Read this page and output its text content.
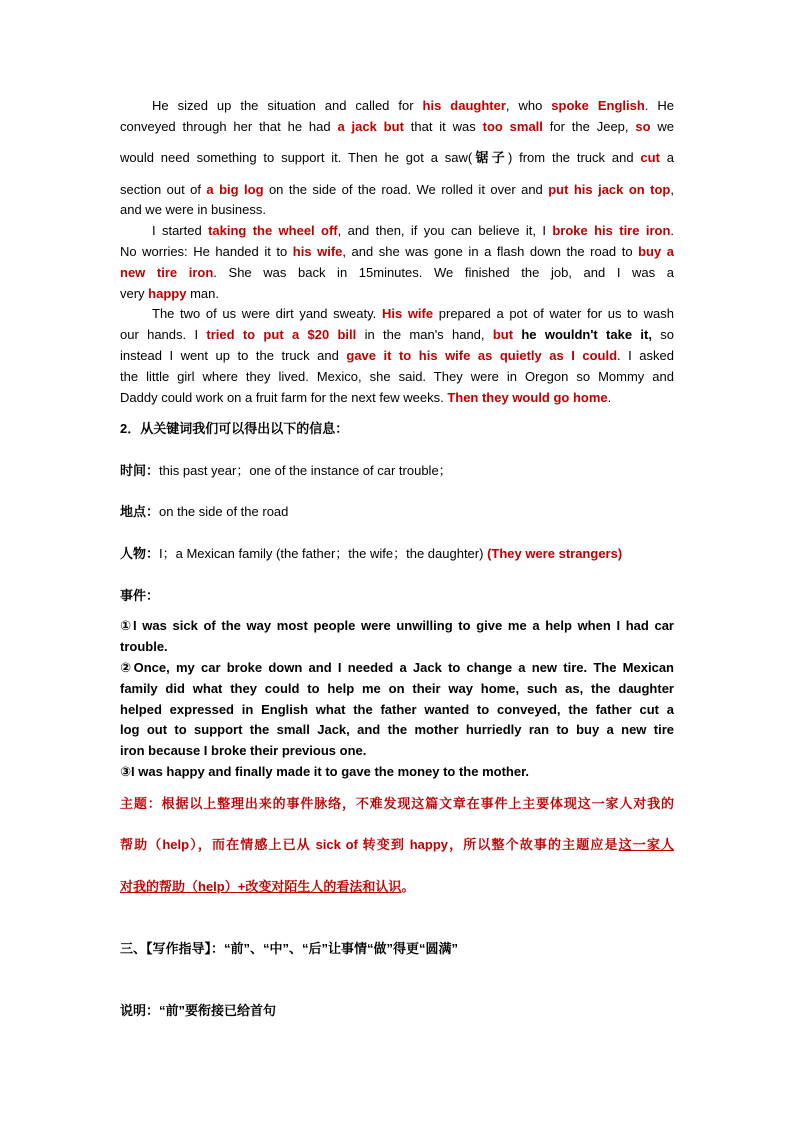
He sized up the situation and called for his daughter, who spoke English. He
conveyed through her that he had a jack but that it was too small for the Jeep, so we
would need something to support it. Then he got a saw(锯子) from the truck and cut a
section out of a big log on the side of the road. We rolled it over and put his jack on top,
and we were in business.
I started taking the wheel off, and then, if you can believe it, I broke his tire iron.
No worries: He handed it to his wife, and she was gone in a flash down the road to buy a
new tire iron. She was back in 15minutes. We finished the job, and I was a
very happy man.
The two of us were dirt yand sweaty. His wife prepared a pot of water for us to wash
our hands. I tried to put a $20 bill in the man's hand, but he wouldn't take it, so
instead I went up to the truck and gave it to his wife as quietly as I could. I asked
the little girl where they lived. Mexico, she said. They were in Oregon so Mommy and
Daddy could work on a fruit farm for the next few weeks. Then they would go home.
2．从关键词我们可以得出以下的信息：
时间：this past year；one of the instance of car trouble；
地点：on the side of the road
人物：I；a Mexican family (the father；the wife；the daughter) (They were strangers)
事件：
①I was sick of the way most people were unwilling to give me a help when I had car
trouble.
②Once, my car broke down and I needed a Jack to change a new tire. The Mexican
family did what they could to help me on their way home, such as, the daughter
helped expressed in English what the father wanted to conveyed, the father cut a
log out to support the small Jack, and the mother hurriedly ran to buy a new tire
iron because I broke their previous one.
③I was happy and finally made it to gave the money to the mother.
主题：根据以上整理出来的事件脉络，不难发现这篇文章在事件上主要体现这一家人对我的
帮助（help），而在情感上已从 sick of 转变到 happy，所以整个故事的主题应是这一家人
对我的帮助（help）+改变对陌生人的看法和认识。
三、【写作指导】：“前”、“中”、“后”让事情“做”得更“圆满”
说明：“前”要衔接已给首句
